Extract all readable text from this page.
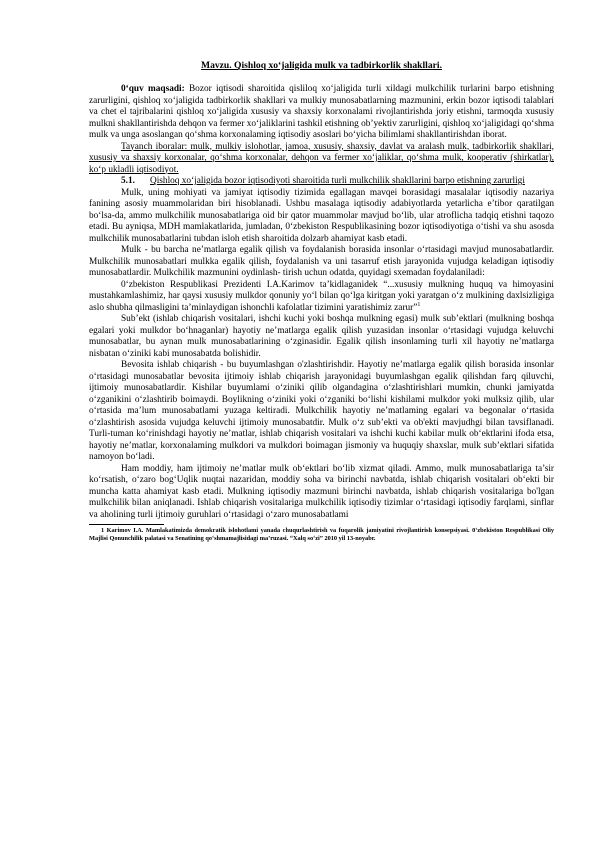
Mavzu. Qishloq xo‘jaligida mulk va tadbirkorlik shakllari.

0‘quv maqsadi: Bozor iqtisodi sharoitida qisliloq xo‘jaligida turli xildagi mulkchilik turlarini barpo etishning zarurligini, qishloq xo‘jaligida tadbirkorlik shakllari va mulkiy munosabatlarning mazmunini, erkin bozor iqtisodi talablari va chet el tajribalarini qishloq xo‘jaligida xususiy va shaxsiy korxonalami rivojlantirishda joriy etishni, tarmoqda xususiy mulkni shakllantirishda dehqon va fermer xo‘jaliklarini tashkil etishning ob’yektiv zarurligini, qishloq xo‘jaligidagi qo‘shma mulk va unga asoslangan qo‘shma korxonalaming iqtisodiy asoslari bo‘yicha bilimlami shakllantirishdan iborat.

Tayanch iboralar: mulk, mulkiy islohotlar, jamoa, xususiy, shaxsiy, davlat va aralash mulk, tadbirkorlik shakllari, xususiy va shaxsiy korxonalar, qo‘shma korxonalar, dehqon va fermer xo‘jaliklar, qo‘shma mulk, kooperativ (shirkatlar), ko‘p ukladli iqtisodiyot.

5.1. Qishloq xo‘jaligida bozor iqtisodiyoti sharoitida turli mulkchilik shakllarini barpo etishning zarurligi

Mulk, uning mohiyati va jamiyat iqtisodiy tizimida egallagan mavqei borasidagi masalalar iqtisodiy nazariya fanining asosiy muammolaridan biri hisoblanadi. Ushbu masalaga iqtisodiy adabiyotlarda yetarlicha e’tibor qaratilgan bo‘lsa-da, ammo mulkchilik munosabatlariga oid bir qator muammolar mavjud bo‘lib, ular atroflicha tadqiq etishni taqozo etadi. Bu ayniqsa, MDH mamlakatlarida, jumladan, 0‘zbekiston Respublikasining bozor iqtisodiyotiga o‘tishi va shu asosda mulkchilik munosabatlarini tubdan isloh etish sharoitida dolzarb ahamiyat kasb etadi.

Mulk - bu barcha ne’matlarga egalik qilish va foydalanish borasida insonlar o‘rtasidagi mavjud munosabatlardir. Mulkchilik munosabatlari mulkka egalik qilish, foydalanish va uni tasarruf etish jarayonida vujudga keladigan iqtisodiy munosabatlardir. Mulkchilik mazmunini oydinlash- tirish uchun odatda, quyidagi sxemadan foydalaniladi:

0‘zbekiston Respublikasi Prezidenti I.A.Karimov ta’kidlaganidek “...xususiy mulkning huquq va himoyasini mustahkamlashimiz, har qaysi xususiy mulkdor qonuniy yo‘l bilan qo‘lga kiritgan yoki yaratgan o‘z mulkining daxlsizligiga aslo shubha qilmasligini ta’minlaydigan ishonchli kafolatlar tizimini yaratishimiz zarur”$^1$

Sub’ekt (ishlab chiqarish vositalari, ishchi kuchi yoki boshqa mulkning egasi) mulk sub’ektlari (mulkning boshqa egalari yoki mulkdor bo‘hnaganlar) hayotiy ne’matlarga egalik qilish yuzasidan insonlar o‘rtasidagi vujudga keluvchi munosabatlar, bu aynan mulk munosabatlarining o‘zginasidir. Egalik qilish insonlaming turli xil hayotiy ne’matlarga nisbatan o‘ziniki kabi munosabatda bolishidir.

Bevosita ishlab chiqarish - bu buyumlashgan o'zlashtirishdir. Hayotiy ne’matlarga egalik qilish borasida insonlar o‘rtasidagi munosabatlar bevosita ijtimoiy ishlab chiqarish jarayonidagi buyumlashgan egalik qilishdan farq qiluvchi, ijtimoiy munosabatlardir. Kishilar buyumlami o‘ziniki qilib olgandagina o‘zlashtirishlari mumkin, chunki jamiyatda o‘zganikini o‘zlashtirib boimaydi. Boylikning o‘ziniki yoki o‘zganiki bo‘lishi kishilami mulkdor yoki mulksiz qilib, ular o‘rtasida ma’lum munosabatlami yuzaga keltiradi. Mulkchilik hayotiy ne’matlaming egalari va begonalar o‘rtasida o‘zlashtirish asosida vujudga keluvchi ijtimoiy munosabatdir. Mulk o‘z sub’ekti va ob'ekti mavjudhgi bilan tavsiflanadi. Turli-tuman ko‘rinishdagi hayotiy ne’matlar, ishlab chiqarish vositalari va ishchi kuchi kabilar mulk ob‘ektlarini ifoda etsa, hayotiy ne’matlar, korxonalaming mulkdori va mulkdori boimagan jismoniy va huquqiy shaxslar, mulk sub’ektlari sifatida namoyon bo‘ladi.

Ham moddiy, ham ijtimoiy ne’matlar mulk ob‘ektlari bo‘lib xizmat qiladi. Ammo, mulk munosabatlariga ta’sir ko‘rsatish, o‘zaro bog‘Uqlik nuqtai nazaridan, moddiy soha va birinchi navbatda, ishlab chiqarish vositalari ob‘ekti bir muncha katta ahamiyat kasb etadi. Mulkning iqtisodiy mazmuni birinchi navbatda, ishlab chiqarish vositalariga bo'lgan mulkchilik bilan aniqlanadi. Ishlab chiqarish vositalariga mulkchilik iqtisodiy tizimlar o‘rtasidagi iqtisodiy farqlami, sinflar va aholining turli ijtimoiy guruhlari o‘rtasidagi o‘zaro munosabatlami

1 Karimov I.A. Mamlakatimizda demokratik islohotlami yanada chuqurlashtirish va fuqarolik jamiyatini rivojlantirish konsepsiyasi. 0‘zbekiston Respublikasi Oliy Majlisi Qonunchilik palatasi va Senatining qo‘shmamajlisidagi ma’ruzasi. “Xalq so‘zi” 2010 yil 13-noyabr.
